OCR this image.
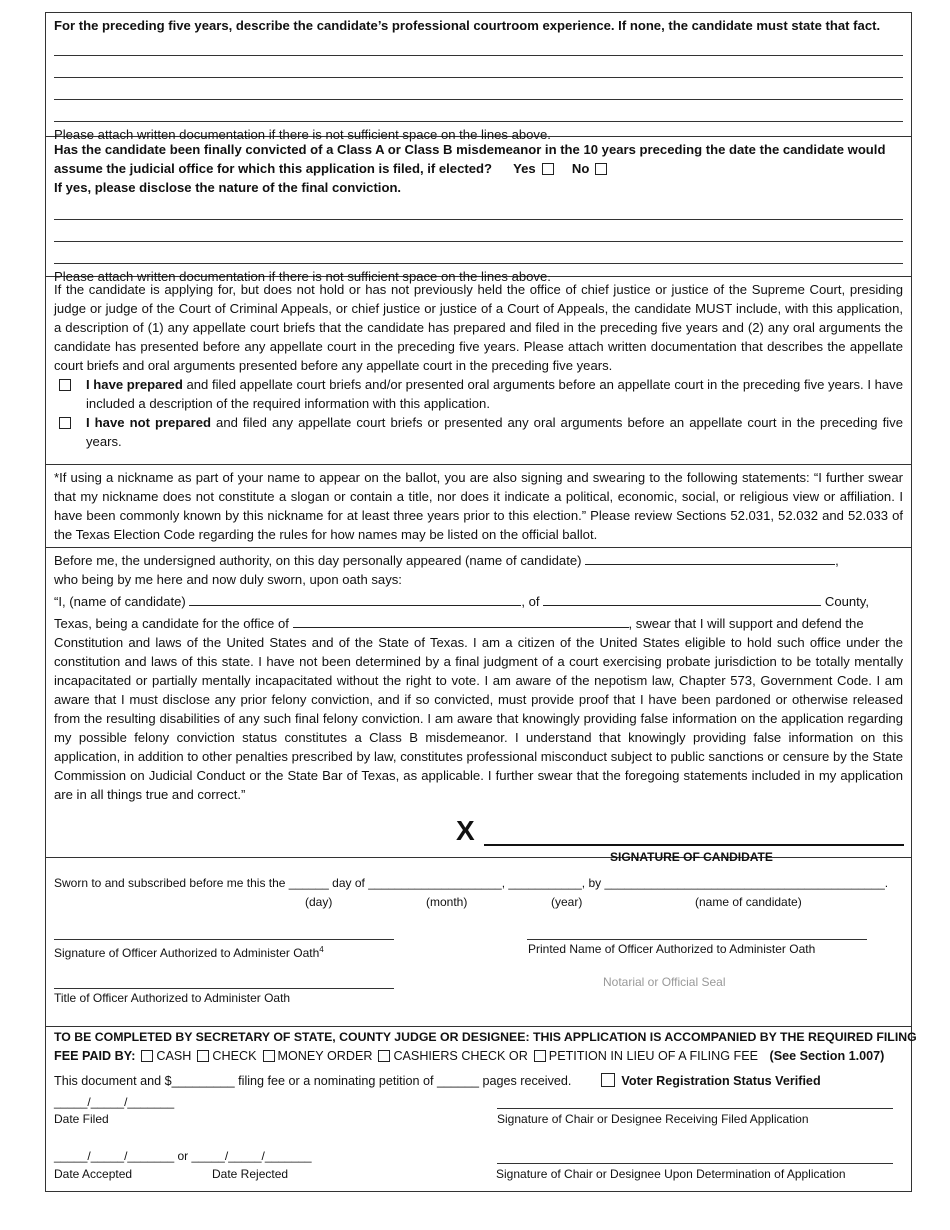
For the preceding five years, describe the candidate’s professional courtroom experience. If none, the candidate must state that fact.
Please attach written documentation if there is not sufficient space on the lines above.
Has the candidate been finally convicted of a Class A or Class B misdemeanor in the 10 years preceding the date the candidate would assume the judicial office for which this application is filed, if elected? Yes	No
If yes, please disclose the nature of the final conviction.
Please attach written documentation if there is not sufficient space on the lines above.
If the candidate is applying for, but does not hold or has not previously held the office of chief justice or justice of the Supreme Court, presiding judge or judge of the Court of Criminal Appeals, or chief justice or justice of a Court of Appeals, the candidate MUST include, with this application, a description of (1) any appellate court briefs that the candidate has prepared and filed in the preceding five years and (2) any oral arguments the candidate has presented before any appellate court in the preceding five years. Please attach written documentation that describes the appellate court briefs and oral arguments presented before any appellate court in the preceding five years.
I have prepared and filed appellate court briefs and/or presented oral arguments before an appellate court in the preceding five years. I have included a description of the required information with this application.
I have not prepared and filed any appellate court briefs or presented any oral arguments before an appellate court in the preceding five years.
*If using a nickname as part of your name to appear on the ballot, you are also signing and swearing to the following statements: “I further swear that my nickname does not constitute a slogan or contain a title, nor does it indicate a political, economic, social, or religious view or affiliation. I have been commonly known by this nickname for at least three years prior to this election.” Please review Sections 52.031, 52.032 and 52.033 of the Texas Election Code regarding the rules for how names may be listed on the official ballot.
Before me, the undersigned authority, on this day personally appeared (name of candidate)	,
who being by me here and now duly sworn, upon oath says:
“I, (name of candidate)	, of	County,
Texas, being a candidate for the office of	, swear that I will support and defend the
Constitution and laws of the United States and of the State of Texas. I am a citizen of the United States eligible to hold such office under the constitution and laws of this state. I have not been determined by a final judgment of a court exercising probate jurisdiction to be totally mentally incapacitated or partially mentally incapacitated without the right to vote. I am aware of the nepotism law, Chapter 573, Government Code. I am aware that I must disclose any prior felony conviction, and if so convicted, must provide proof that I have been pardoned or otherwise released from the resulting disabilities of any such final felony conviction. I am aware that knowingly providing false information on the application regarding my possible felony conviction status constitutes a Class B misdemeanor. I understand that knowingly providing false information on this application, in addition to other penalties prescribed by law, constitutes professional misconduct subject to public sanctions or censure by the State Commission on Judicial Conduct or the State Bar of Texas, as applicable. I further swear that the foregoing statements included in my application are in all things true and correct.”
X
SIGNATURE OF CANDIDATE
Sworn to and subscribed before me this the ______ day of ____________________, ___________, by __________________________________________.
(day)	(month)	(year)	(name of candidate)
Signature of Officer Authorized to Administer Oath$^4$	Printed Name of Officer Authorized to Administer Oath
Notarial or Official Seal
Title of Officer Authorized to Administer Oath
TO BE COMPLETED BY SECRETARY OF STATE, COUNTY JUDGE OR DESIGNEE: THIS APPLICATION IS ACCOMPANIED BY THE REQUIRED FILING
FEE PAID BY: CASH CHECK MONEY ORDER CASHIERS CHECK OR PETITION IN LIEU OF A FILING FEE (See Section 1.007)
This document and $_________ filing fee or a nominating petition of ______ pages received.	Voter Registration Status Verified
_____/_____/_______
Date Filed	Signature of Chair or Designee Receiving Filed Application
_____/_____/_______ or _____/_____/_______
Date Accepted	Date Rejected	Signature of Chair or Designee Upon Determination of Application
